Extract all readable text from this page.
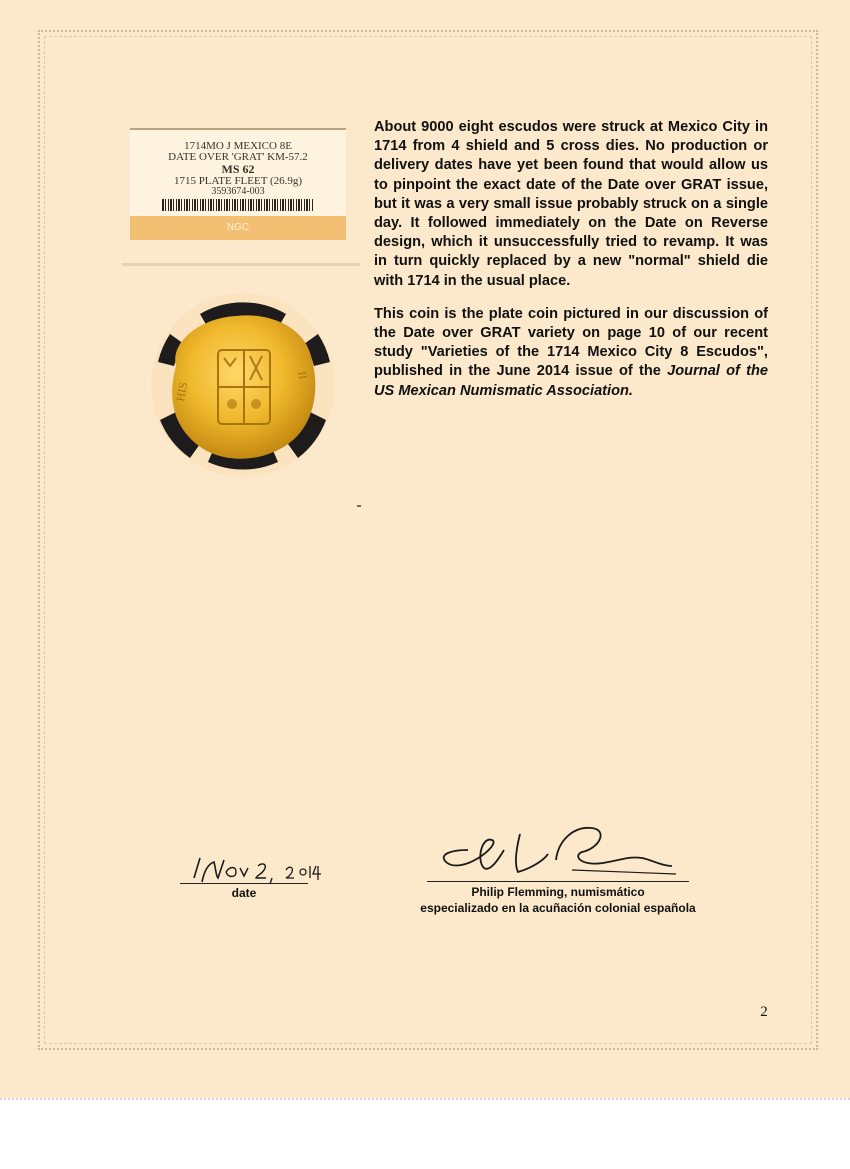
1714MO J MEXICO 8E
DATE OVER 'GRAT' KM-57.2
MS 62
1715 PLATE FLEET (26.9g)
3593674-003
NGC
HIS
II

About 9000 eight escudos were struck at Mexico City in 1714 from 4 shield and 5 cross dies. No production or delivery dates have yet been found that would allow us to pinpoint the exact date of the Date over GRAT issue, but it was a very small issue probably struck on a single day. It followed immediately on the Date on Reverse design, which it unsuccessfully tried to revamp. It was in turn quickly replaced by a new "normal" shield die with 1714 in the usual place.

This coin is the plate coin pictured in our discussion of the Date over GRAT variety on page 10 of our recent study "Varieties of the 1714 Mexico City 8 Escudos", published in the June 2014 issue of the Journal of the US Mexican Numismatic Association.

date	Philip Flemming, numismático
especializado en la acuñación colonial española
2
